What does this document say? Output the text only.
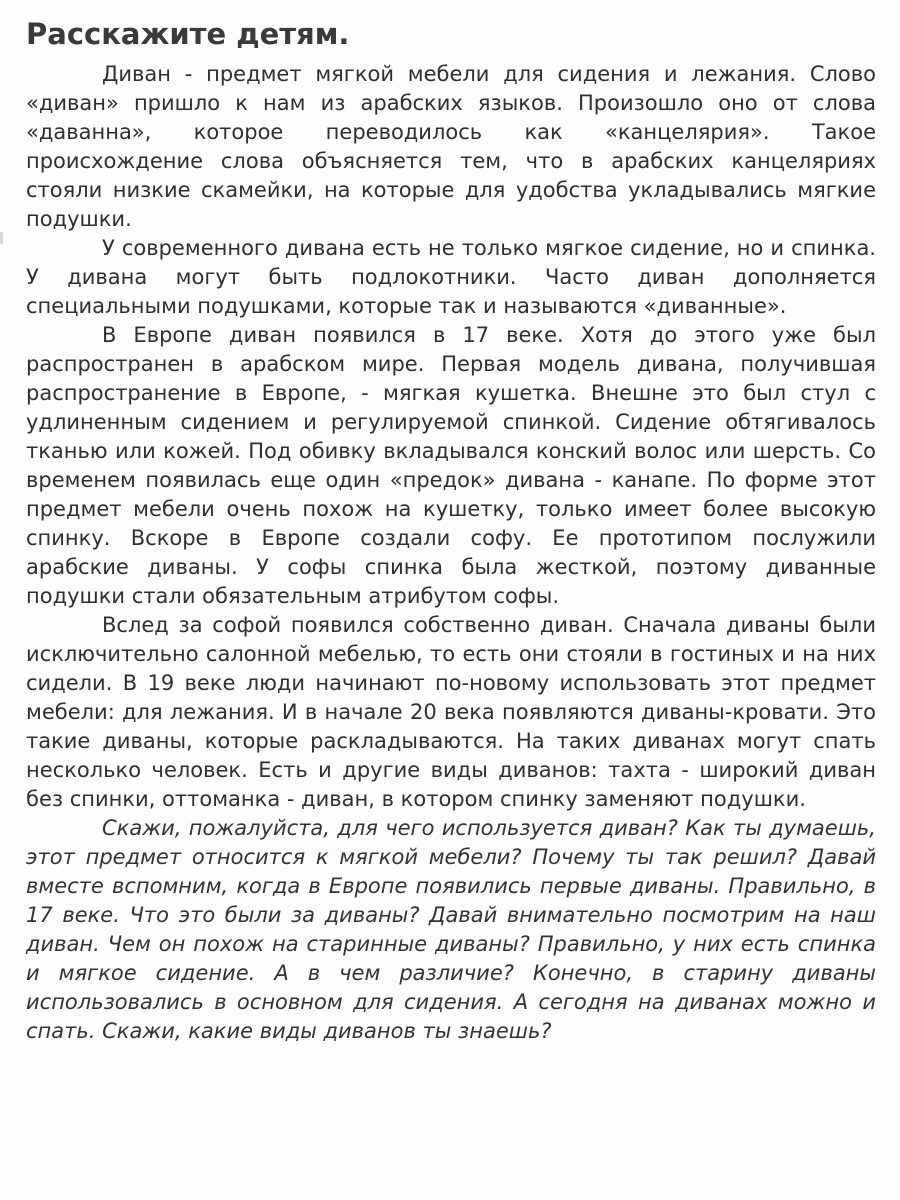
Расскажите детям.

Диван - предмет мягкой мебели для сидения и лежания. Слово «диван» пришло к нам из арабских языков. Произошло оно от слова «даванна», которое переводилось как «канцелярия». Такое происхождение слова объясняется тем, что в арабских канцеляриях стояли низкие скамейки, на которые для удобства укладывались мягкие подушки.

У современного дивана есть не только мягкое сидение, но и спинка. У дивана могут быть подлокотники. Часто диван дополняется специальными подушками, которые так и называются «диванные».

В Европе диван появился в 17 веке. Хотя до этого уже был распространен в арабском мире. Первая модель дивана, получившая распространение в Европе, - мягкая кушетка. Внешне это был стул с удлиненным сидением и регулируемой спинкой. Сидение обтягивалось тканью или кожей. Под обивку вкладывался конский волос или шерсть. Со временем появилась еще один «предок» дивана - канапе. По форме этот предмет мебели очень похож на кушетку, только имеет более высокую спинку. Вскоре в Европе создали софу. Ее прототипом послужили арабские диваны. У софы спинка была жесткой, поэтому диванные подушки стали обязательным атрибутом софы.

Вслед за софой появился собственно диван. Сначала диваны были исключительно салонной мебелью, то есть они стояли в гостиных и на них сидели. В 19 веке люди начинают по-новому использовать этот предмет мебели: для лежания. И в начале 20 века появляются диваны-кровати. Это такие диваны, которые раскладываются. На таких диванах могут спать несколько человек. Есть и другие виды диванов: тахта - широкий диван без спинки, оттоманка - диван, в котором спинку заменяют подушки.

Скажи, пожалуйста, для чего используется диван? Как ты думаешь, этот предмет относится к мягкой мебели? Почему ты так решил? Давай вместе вспомним, когда в Европе появились первые диваны. Правильно, в 17 веке. Что это были за диваны? Давай внимательно посмотрим на наш диван. Чем он похож на старинные диваны? Правильно, у них есть спинка и мягкое сидение. А в чем различие? Конечно, в старину диваны использовались в основном для сидения. А сегодня на диванах можно и спать. Скажи, какие виды диванов ты знаешь?
